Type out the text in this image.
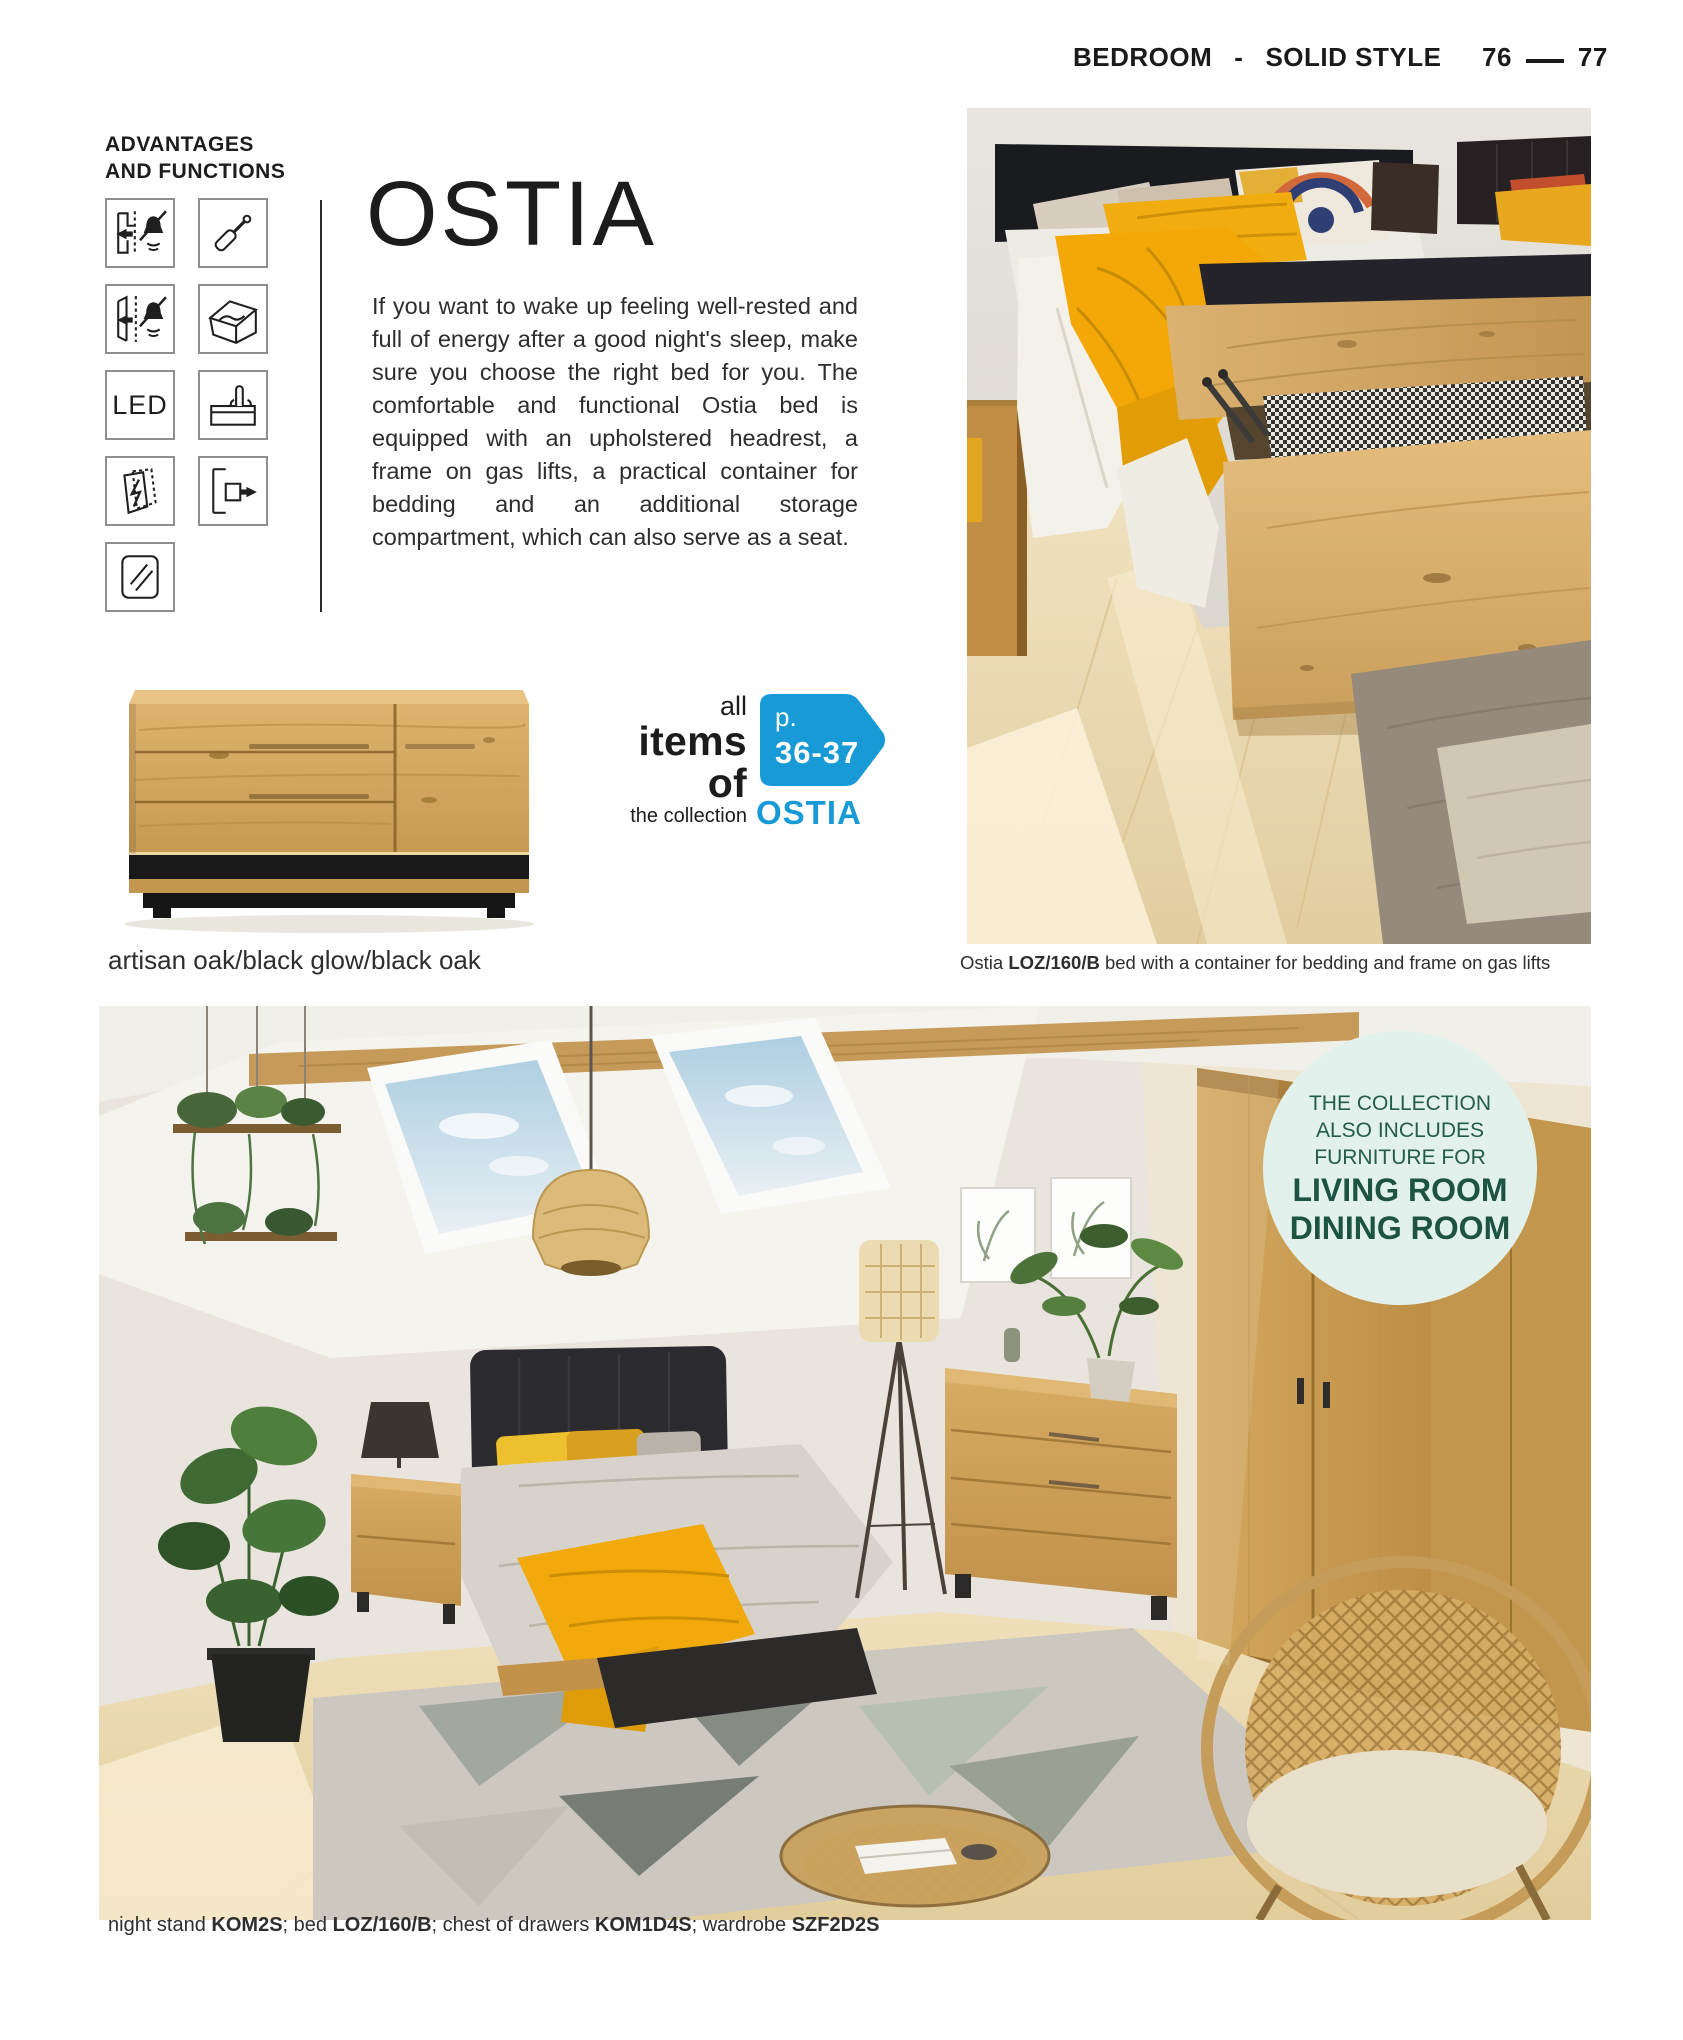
BEDROOM - SOLID STYLE 76	77
ADVANTAGES
AND FUNCTIONS
LED
OSTIA
If you want to wake up feeling well-rested and full of energy after a good night's sleep, make sure you choose the right bed for you. The comfortable and functional Ostia bed is equipped with an upholstered headrest, a frame on gas lifts, a practical container for bedding and an additional storage compartment, which can also serve as a seat.
artisan oak/black glow/black oak
all
items of
the collection
p.
36-37
OSTIA
Ostia LOZ/160/B bed with a container for bedding and frame on gas lifts
THE COLLECTION
ALSO INCLUDES
FURNITURE FOR
LIVING ROOM
DINING ROOM
night stand KOM2S; bed LOZ/160/B; chest of drawers KOM1D4S; wardrobe SZF2D2S
